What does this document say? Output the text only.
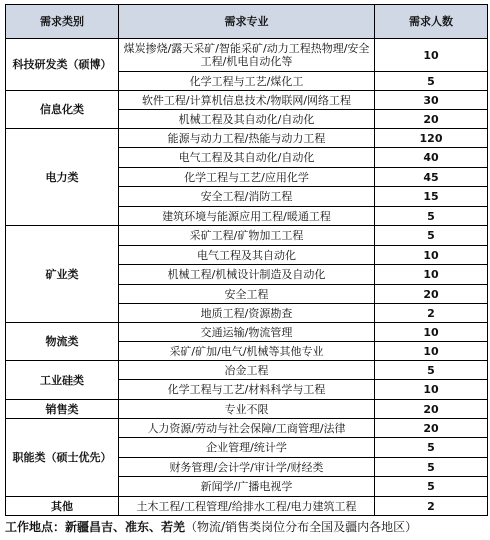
需求类别	需求专业	需求人数
科技研发类（硕博）	煤炭掺烧/露天采矿/智能采矿/动力工程热物理/安全工程/机电自动化等	10
	化学工程与工艺/煤化工	5
信息化类	软件工程/计算机信息技术/物联网/网络工程	30
	机械工程及其自动化/自动化	20
电力类	能源与动力工程/热能与动力工程	120
	电气工程及其自动化/自动化	40
	化学工程与工艺/应用化学	45
	安全工程/消防工程	15
	建筑环境与能源应用工程/暖通工程	5
矿业类	采矿工程/矿物加工工程	5
	电气工程及其自动化	10
	机械工程/机械设计制造及自动化	10
	安全工程	20
	地质工程/资源勘查	2
物流类	交通运输/物流管理	10
	采矿/矿加/电气/机械等其他专业	10
工业硅类	冶金工程	5
	化学工程与工艺/材料科学与工程	10
销售类	专业不限	20
职能类（硕士优先）	人力资源/劳动与社会保障/工商管理/法律	20
	企业管理/统计学	5
	财务管理/会计学/审计学/财经类	5
	新闻学/广播电视学	5
其他	土木工程/工程管理/给排水工程/电力建筑工程	2
工作地点：新疆昌吉、准东、若羌（物流/销售类岗位分布全国及疆内各地区）
